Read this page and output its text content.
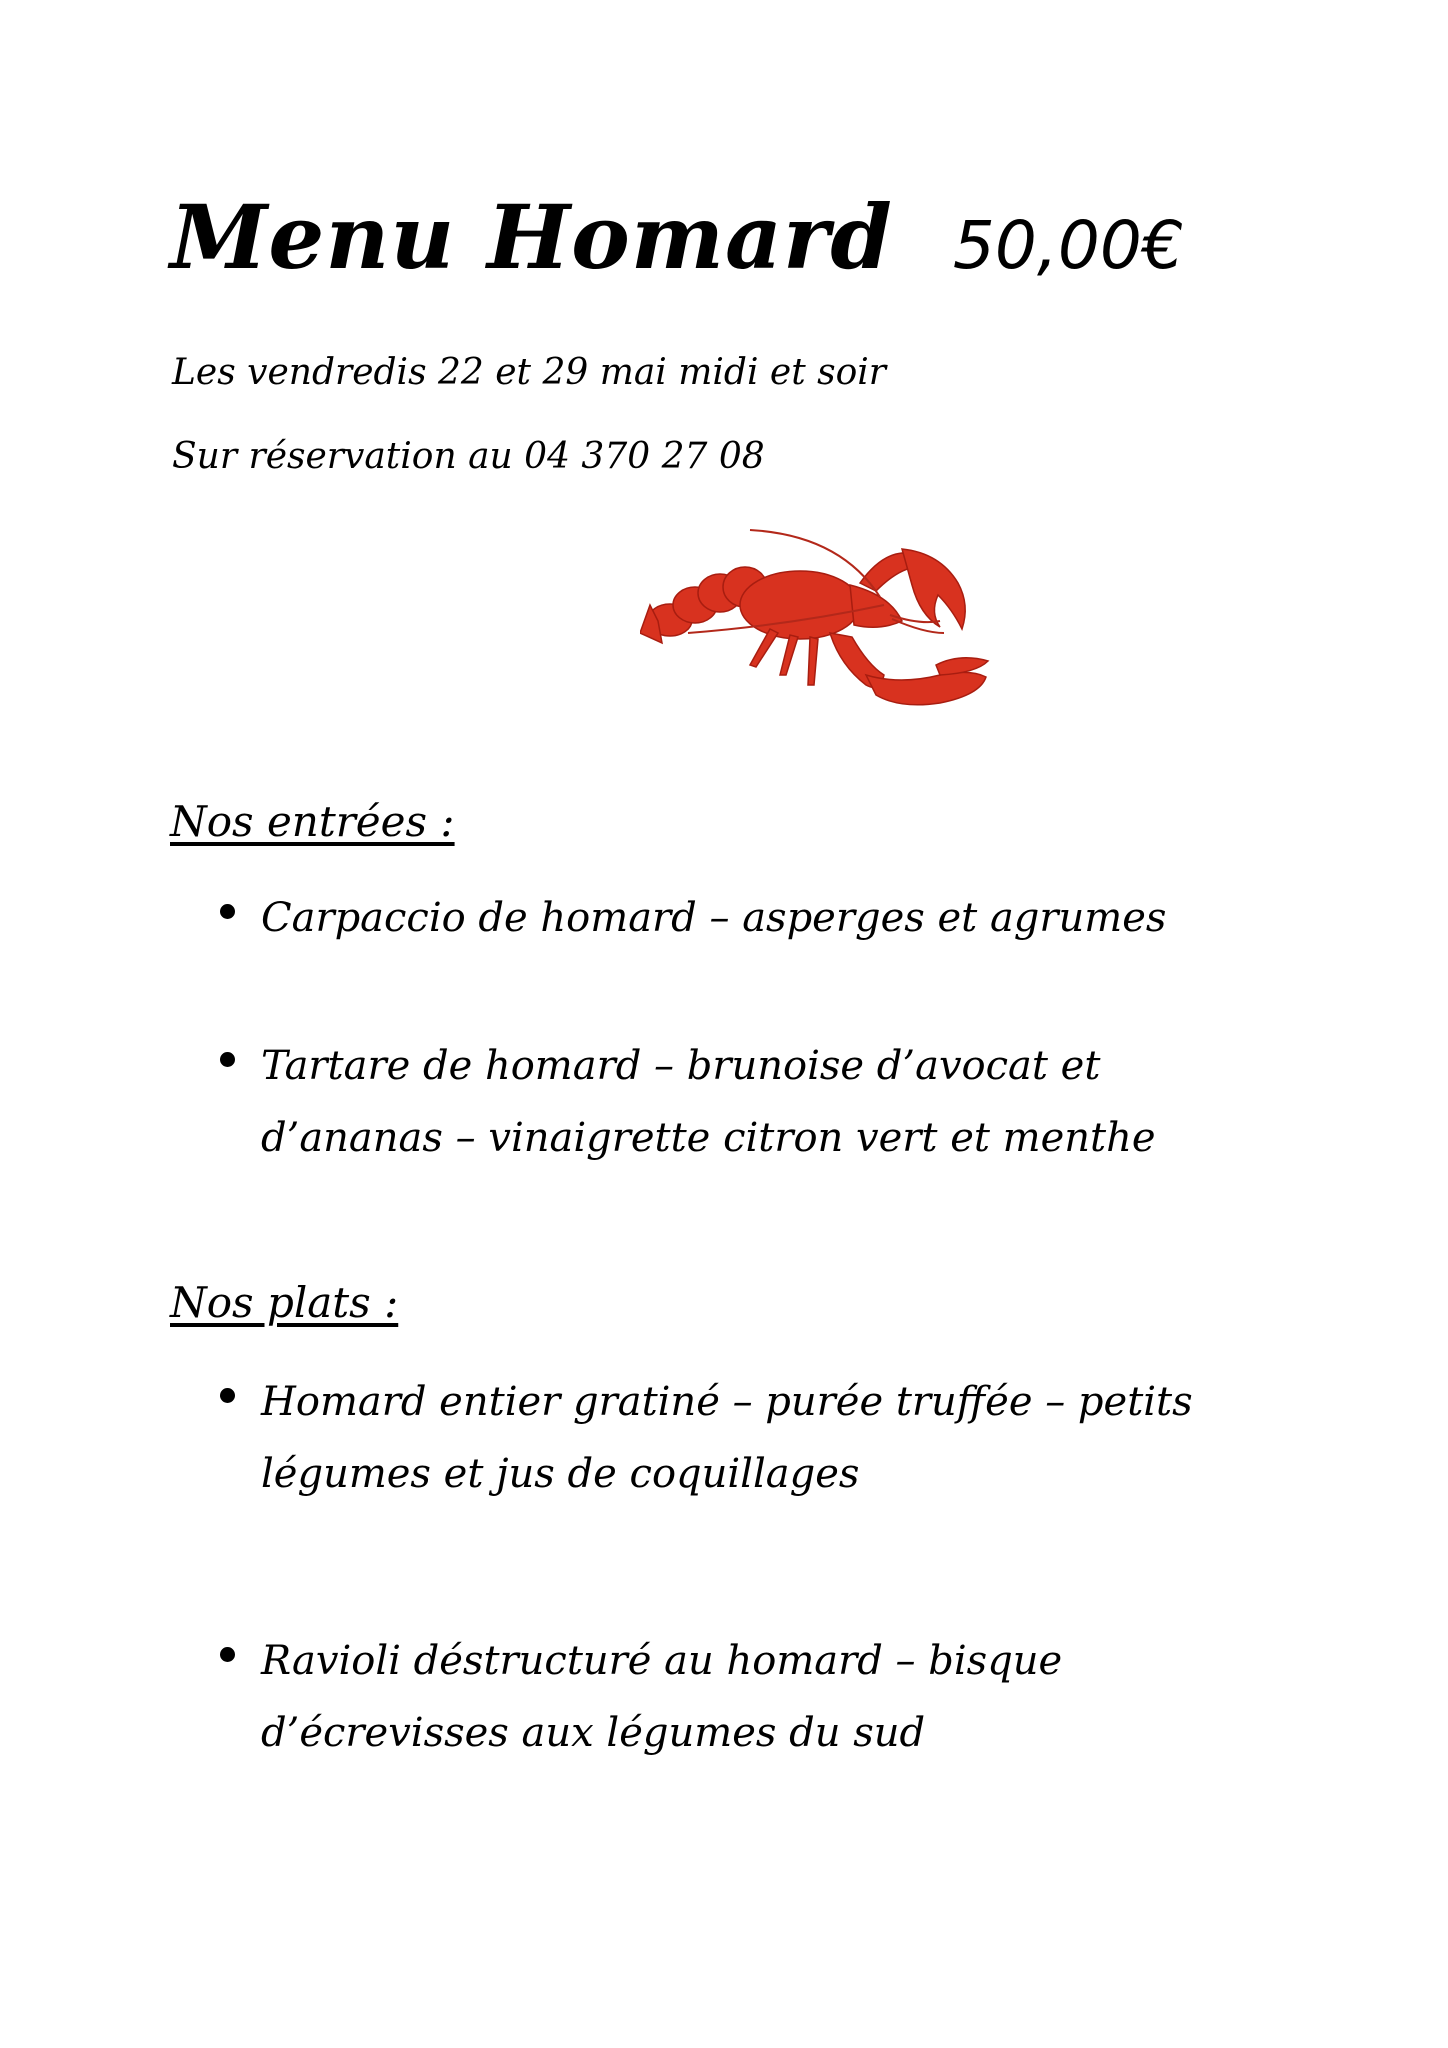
Menu Homard 50,00€
Les vendredis 22 et 29 mai midi et soir
Sur réservation au 04 370 27 08
Nos entrées :
Carpaccio de homard – asperges et agrumes
Tartare de homard – brunoise d’avocat et d’ananas – vinaigrette citron vert et menthe
Nos plats :
Homard entier gratiné – purée truffée – petits légumes et jus de coquillages
Ravioli déstructuré au homard – bisque d’écrevisses aux légumes du sud
